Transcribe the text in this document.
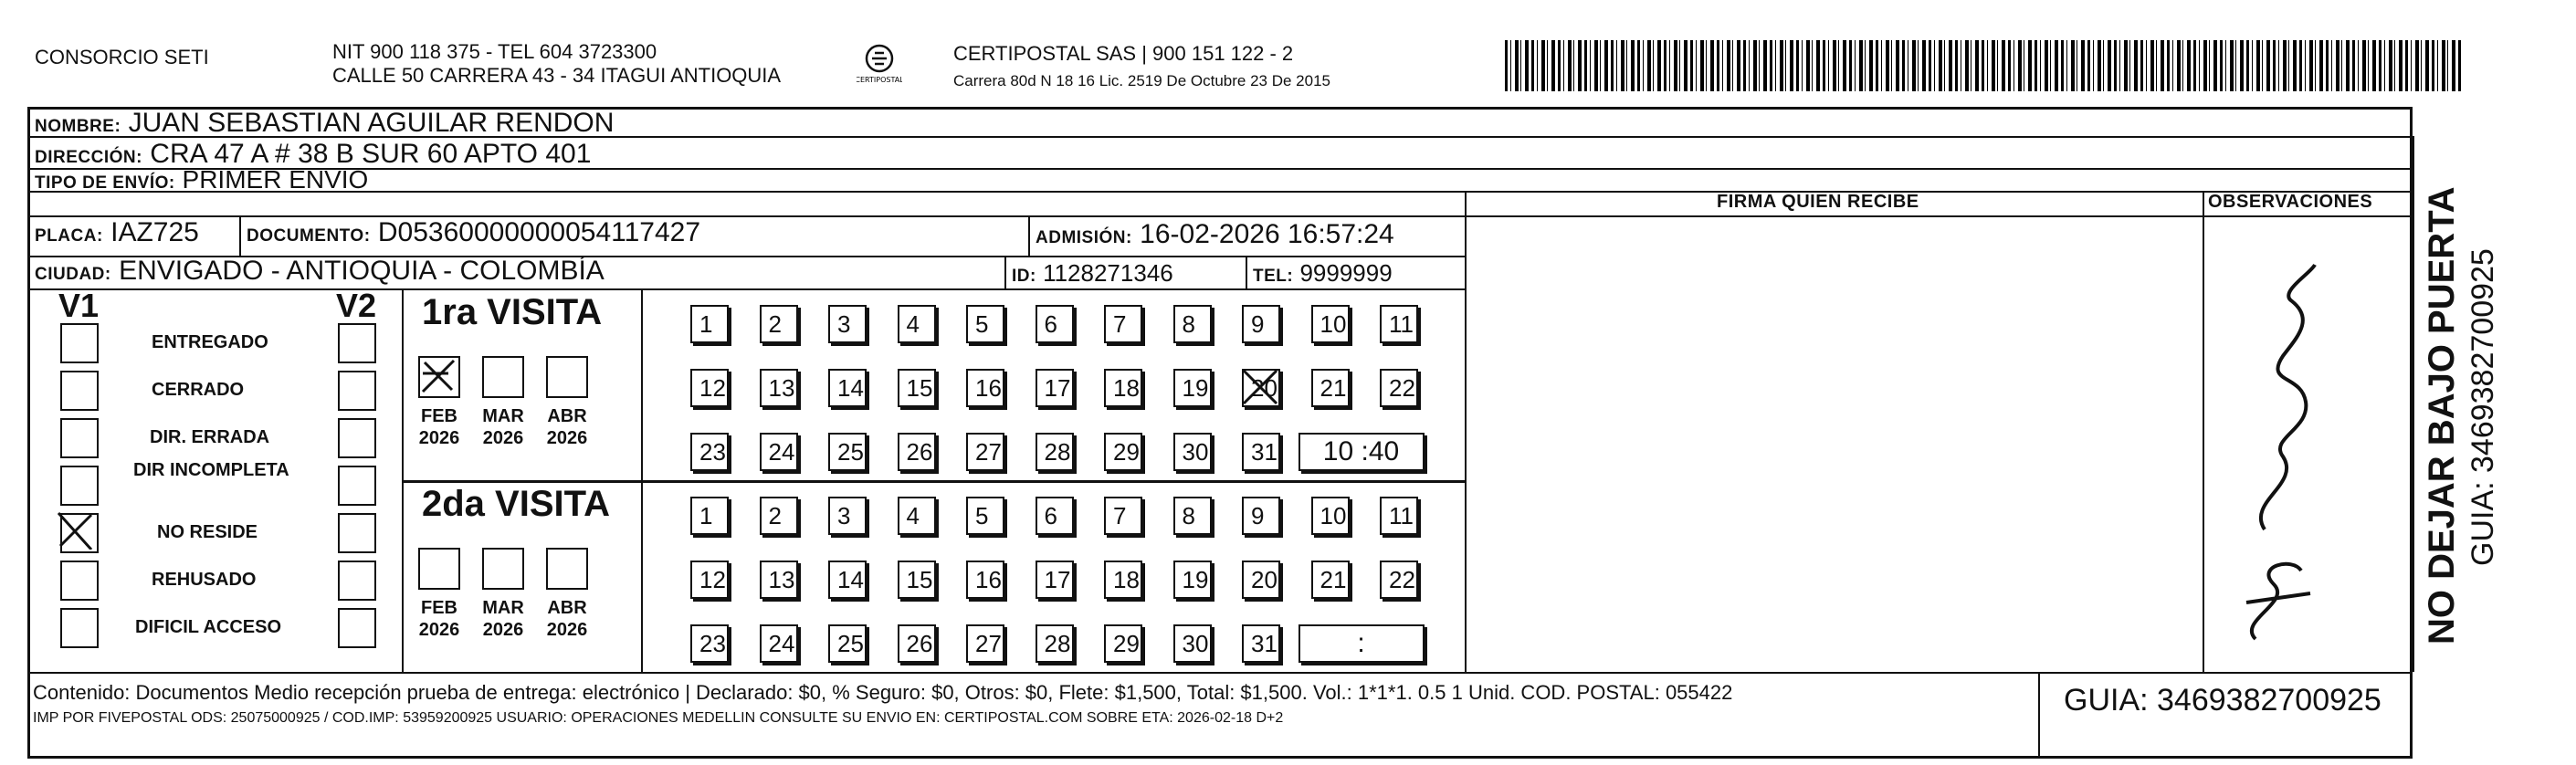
CONSORCIO SETI	NIT 900 118 375 - TEL 604 3723300
CALLE 50 CARRERA 43 - 34 ITAGUI ANTIOQUIA	CERTIPOSTAL
CERTIPOSTAL SAS | 900 151 122 - 2
Carrera 80d N 18 16 Lic. 2519 De Octubre 23 De 2015
NOMBRE: JUAN SEBASTIAN AGUILAR RENDON
DIRECCIÓN: CRA 47 A # 38 B SUR 60 APTO 401
TIPO DE ENVÍO: PRIMER ENVIO
PLACA: IAZ725	DOCUMENTO: D05360000000054117427	ADMISIÓN: 16-02-2026 16:57:24
CIUDAD: ENVIGADO - ANTIOQUIA - COLOMBÍA	ID: 1128271346	TEL: 9999999
FIRMA QUIEN RECIBE	OBSERVACIONES NO DEJAR BAJO PUERTA GUIA: 3469382700925
V1	V2
ENTREGADO
CERRADO
DIR. ERRADA
DIR INCOMPLETA
NO RESIDE
REHUSADO
DIFICIL ACCESO
1ra VISITA
FEB
2026
MAR
2026
ABR
2026
1	2	3	4	5	6	7	8	9	10	11
12	13	14	15	16	17	18	19	20	21	22
23	24	25	26	27	28	29	30	31	10 :40
2da VISITA
FEB
2026
MAR
2026
ABR
2026
1	2	3	4	5	6	7	8	9	10	11
12	13	14	15	16	17	18	19	20	21	22
23	24	25	26	27	28	29	30	31	:
Contenido: Documentos Medio recepción prueba de entrega: electrónico | Declarado: $0, % Seguro: $0, Otros: $0, Flete: $1,500, Total: $1,500. Vol.: 1*1*1. 0.5 1 Unid. COD. POSTAL: 055422
IMP POR FIVEPOSTAL ODS: 25075000925 / COD.IMP: 53959200925 USUARIO: OPERACIONES MEDELLIN CONSULTE SU ENVIO EN: CERTIPOSTAL.COM SOBRE ETA: 2026-02-18 D+2
GUIA: 3469382700925
